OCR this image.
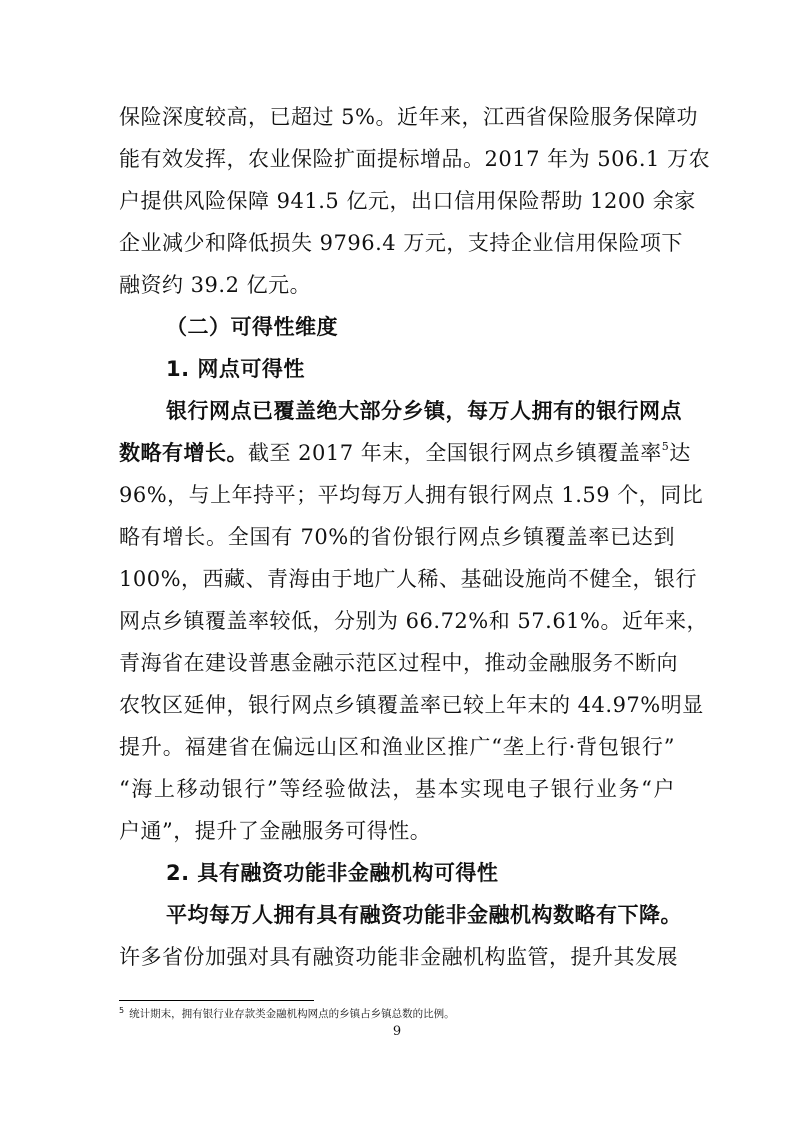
保险深度较高，已超过 5%。近年来，江西省保险服务保障功
能有效发挥，农业保险扩面提标增品。2017 年为 506.1 万农
户提供风险保障 941.5 亿元，出口信用保险帮助 1200 余家
企业减少和降低损失 9796.4 万元，支持企业信用保险项下
融资约 39.2 亿元。
（二）可得性维度
1. 网点可得性
银行网点已覆盖绝大部分乡镇，每万人拥有的银行网点
数略有增长。截至 2017 年末，全国银行网点乡镇覆盖率$^5$达
96%，与上年持平；平均每万人拥有银行网点 1.59 个，同比
略有增长。全国有 70%的省份银行网点乡镇覆盖率已达到
100%，西藏、青海由于地广人稀、基础设施尚不健全，银行
网点乡镇覆盖率较低，分别为 66.72%和 57.61%。近年来，
青海省在建设普惠金融示范区过程中，推动金融服务不断向
农牧区延伸，银行网点乡镇覆盖率已较上年末的 44.97%明显
提升。福建省在偏远山区和渔业区推广“垄上行·背包银行”
“海上移动银行”等经验做法，基本实现电子银行业务“户
户通”，提升了金融服务可得性。
2. 具有融资功能非金融机构可得性
平均每万人拥有具有融资功能非金融机构数略有下降。
许多省份加强对具有融资功能非金融机构监管，提升其发展
$^5$ 统计期末，拥有银行业存款类金融机构网点的乡镇占乡镇总数的比例。
9
